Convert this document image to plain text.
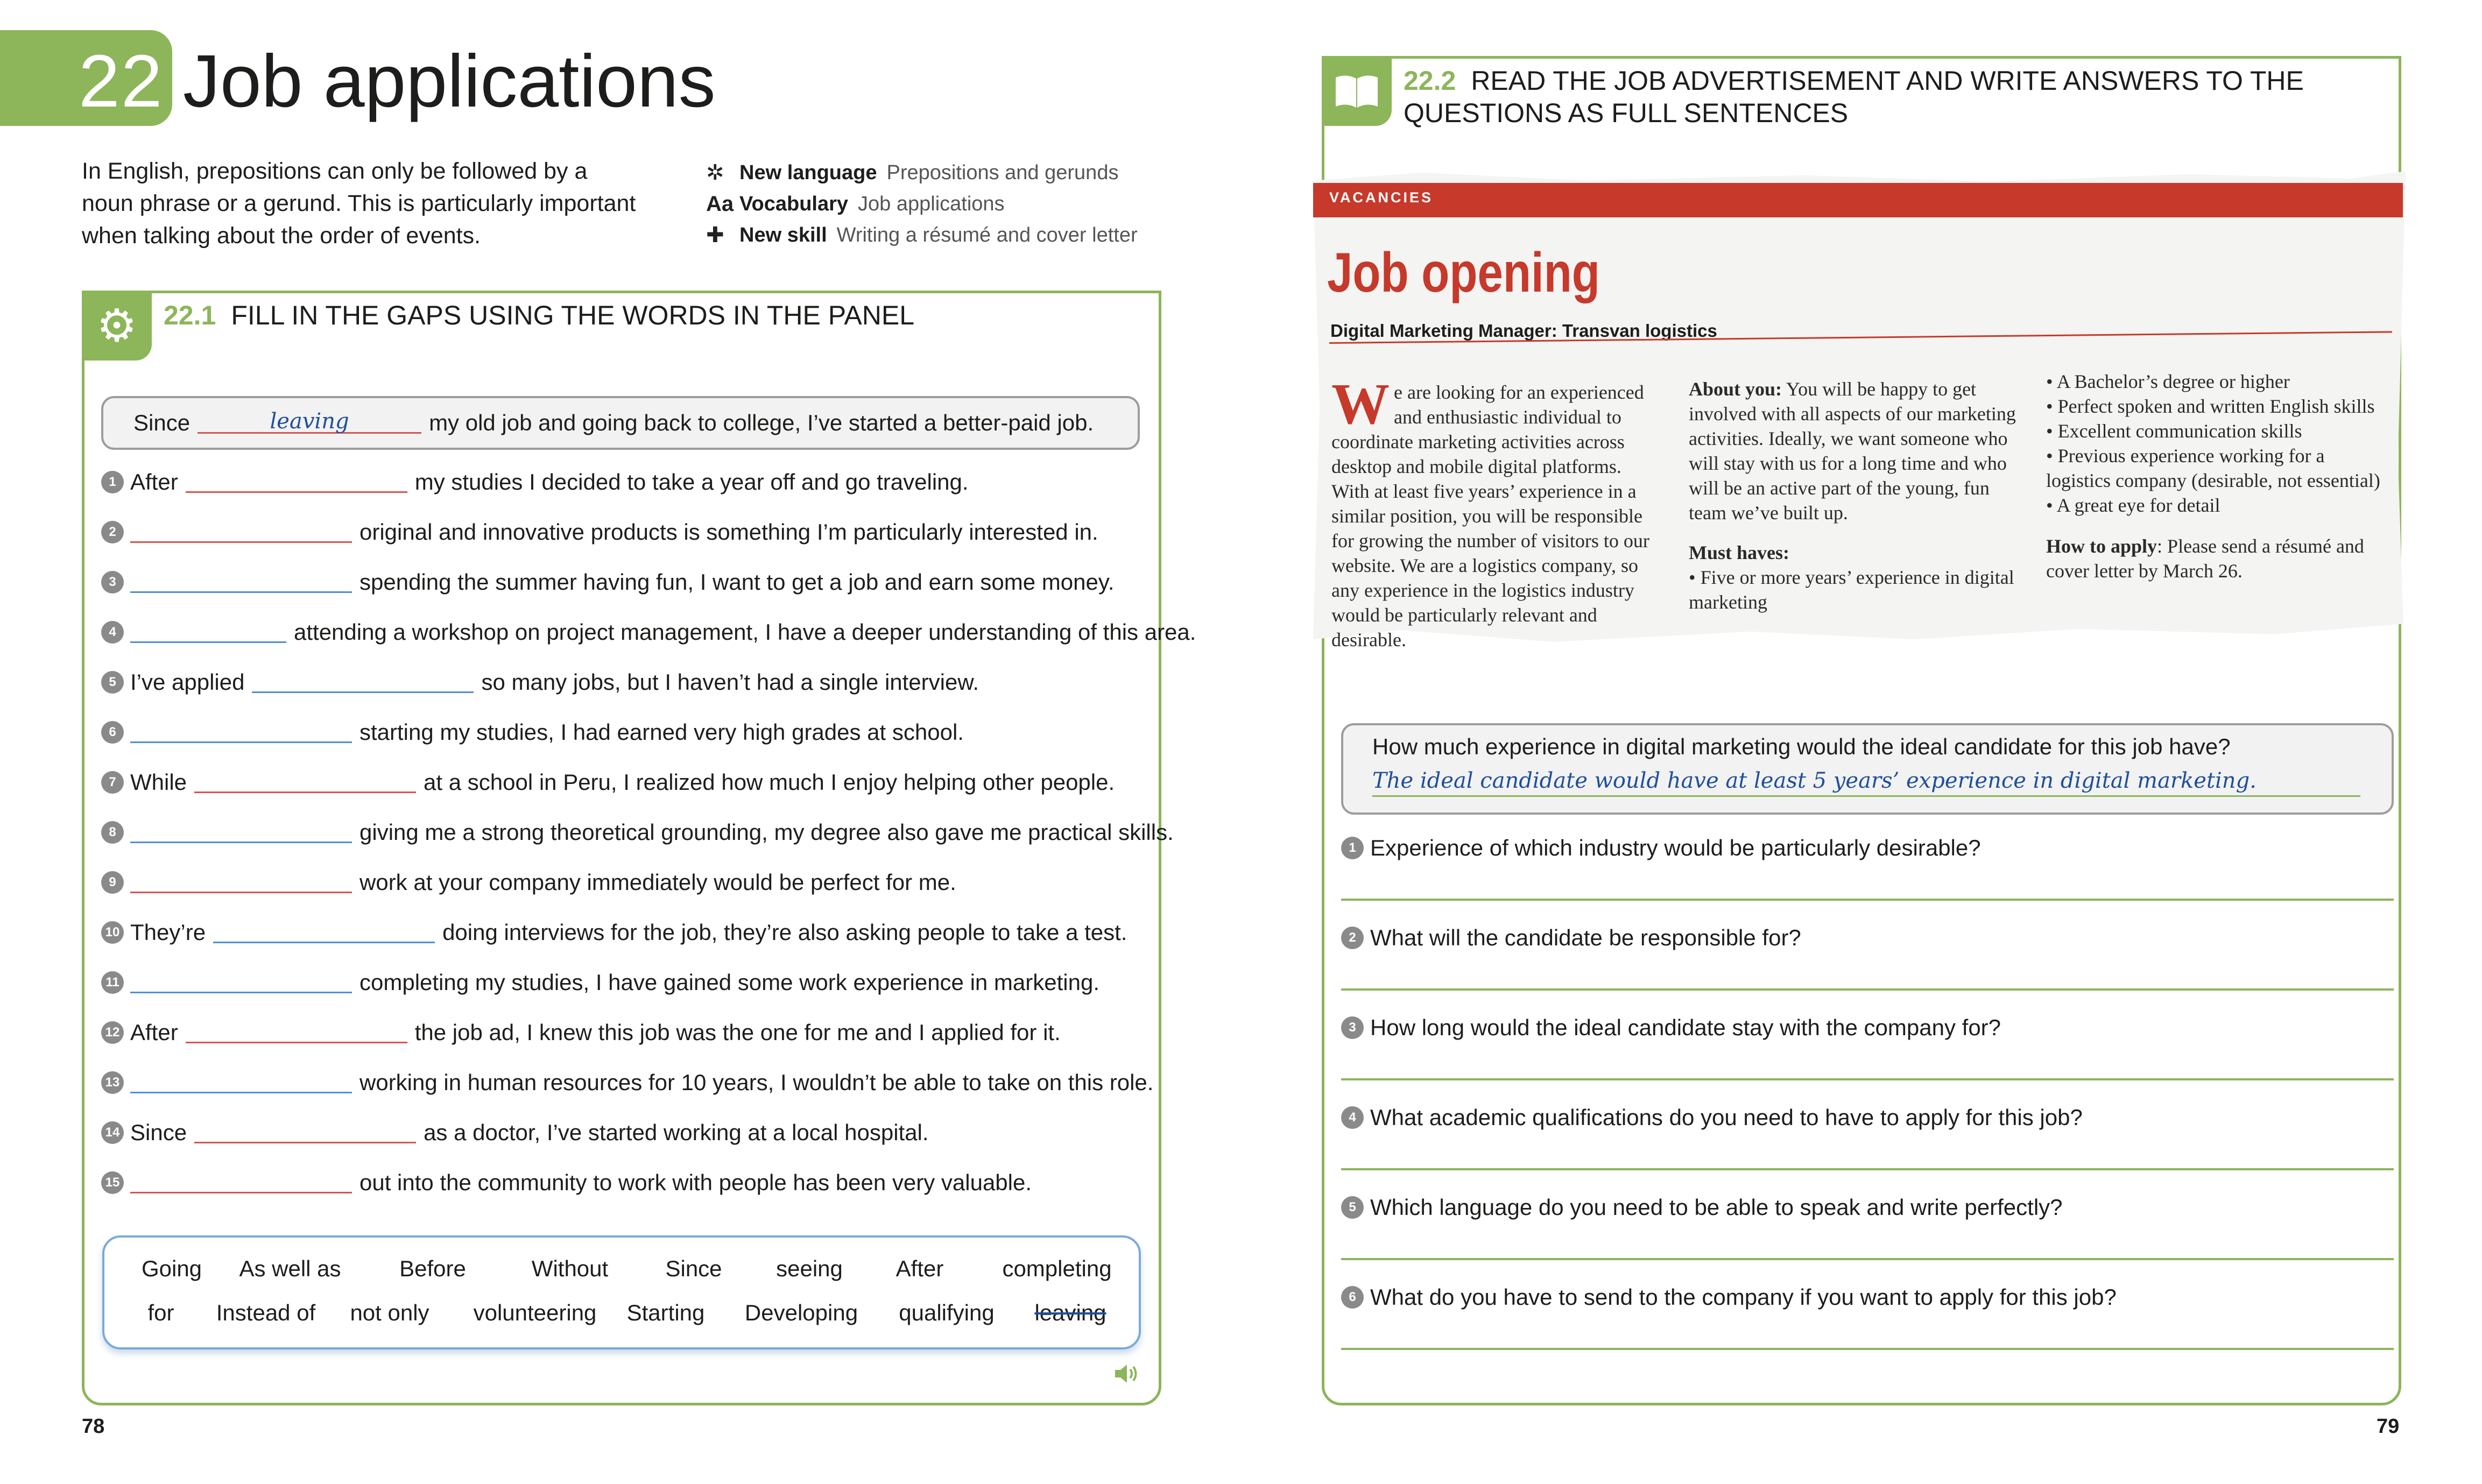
22 Job applications
In English, prepositions can only be followed by a noun phrase or a gerund. This is particularly important when talking about the order of events.
✲ New language Prepositions and gerunds
Aa Vocabulary Job applications
✚ New skill Writing a résumé and cover letter
⚙ 22.1 FILL IN THE GAPS USING THE WORDS IN THE PANEL
Since	leaving	my old job and going back to college, I’ve started a better-paid job.
1 After	my studies I decided to take a year off and go traveling.
2	original and innovative products is something I’m particularly interested in.
3	spending the summer having fun, I want to get a job and earn some money.
4	attending a workshop on project management, I have a deeper understanding of this area.
5 I’ve applied	so many jobs, but I haven’t had a single interview.
6	starting my studies, I had earned very high grades at school.
7 While	at a school in Peru, I realized how much I enjoy helping other people.
8	giving me a strong theoretical grounding, my degree also gave me practical skills.
9	work at your company immediately would be perfect for me.
10 They’re	doing interviews for the job, they’re also asking people to take a test.
11	completing my studies, I have gained some work experience in marketing.
12 After	the job ad, I knew this job was the one for me and I applied for it.
13	working in human resources for 10 years, I wouldn’t be able to take on this role.
14 Since	as a doctor, I’ve started working at a local hospital.
15	out into the community to work with people has been very valuable.
Going As well as	Before	Without	Since seeing After	completing
for Instead of not only volunteering Starting Developing qualifying leaving
78
22.2 READ THE JOB ADVERTISEMENT AND WRITE ANSWERS TO THE
QUESTIONS AS FULL SENTENCES
VACANCIES
Job opening
Digital Marketing Manager: Transvan logistics
We are looking for an experienced and enthusiastic individual to coordinate marketing activities across desktop and mobile digital platforms. With at least five years’ experience in a similar position, you will be responsible for growing the number of visitors to our website. We are a logistics company, so any experience in the logistics industry would be particularly relevant and desirable.
About you: You will be happy to get involved with all aspects of our marketing activities. Ideally, we want someone who will stay with us for a long time and who will be an active part of the young, fun team we’ve built up.
Must haves:
• Five or more years’ experience in digital marketing
• A Bachelor’s degree or higher
• Perfect spoken and written English skills
• Excellent communication skills
• Previous experience working for a logistics company (desirable, not essential)
• A great eye for detail
How to apply: Please send a résumé and cover letter by March 26.
How much experience in digital marketing would the ideal candidate for this job have?
The ideal candidate would have at least 5 years’ experience in digital marketing.
1 Experience of which industry would be particularly desirable?
2 What will the candidate be responsible for?
3 How long would the ideal candidate stay with the company for?
4 What academic qualifications do you need to have to apply for this job?
5 Which language do you need to be able to speak and write perfectly?
6 What do you have to send to the company if you want to apply for this job?
79
